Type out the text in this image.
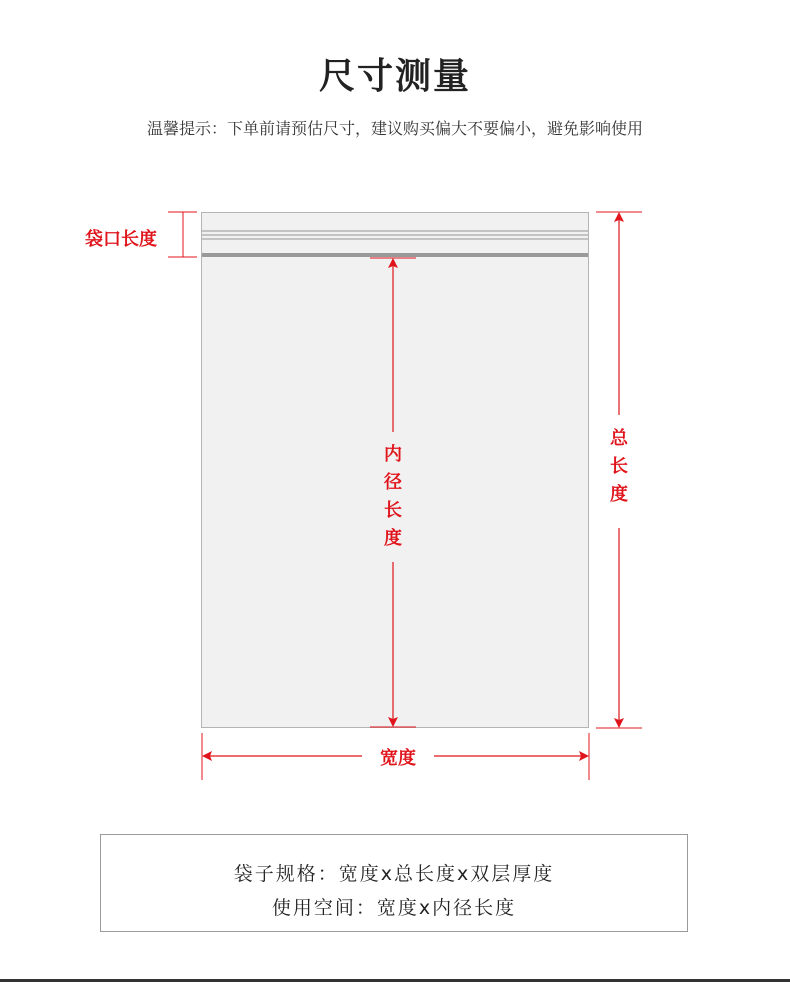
尺寸测量
温馨提示：下单前请预估尺寸，建议购买偏大不要偏小，避免影响使用
袋口长度
内
径
长
度
总
长
度
宽度
袋子规格：宽度x总长度x双层厚度
使用空间：宽度x内径长度
